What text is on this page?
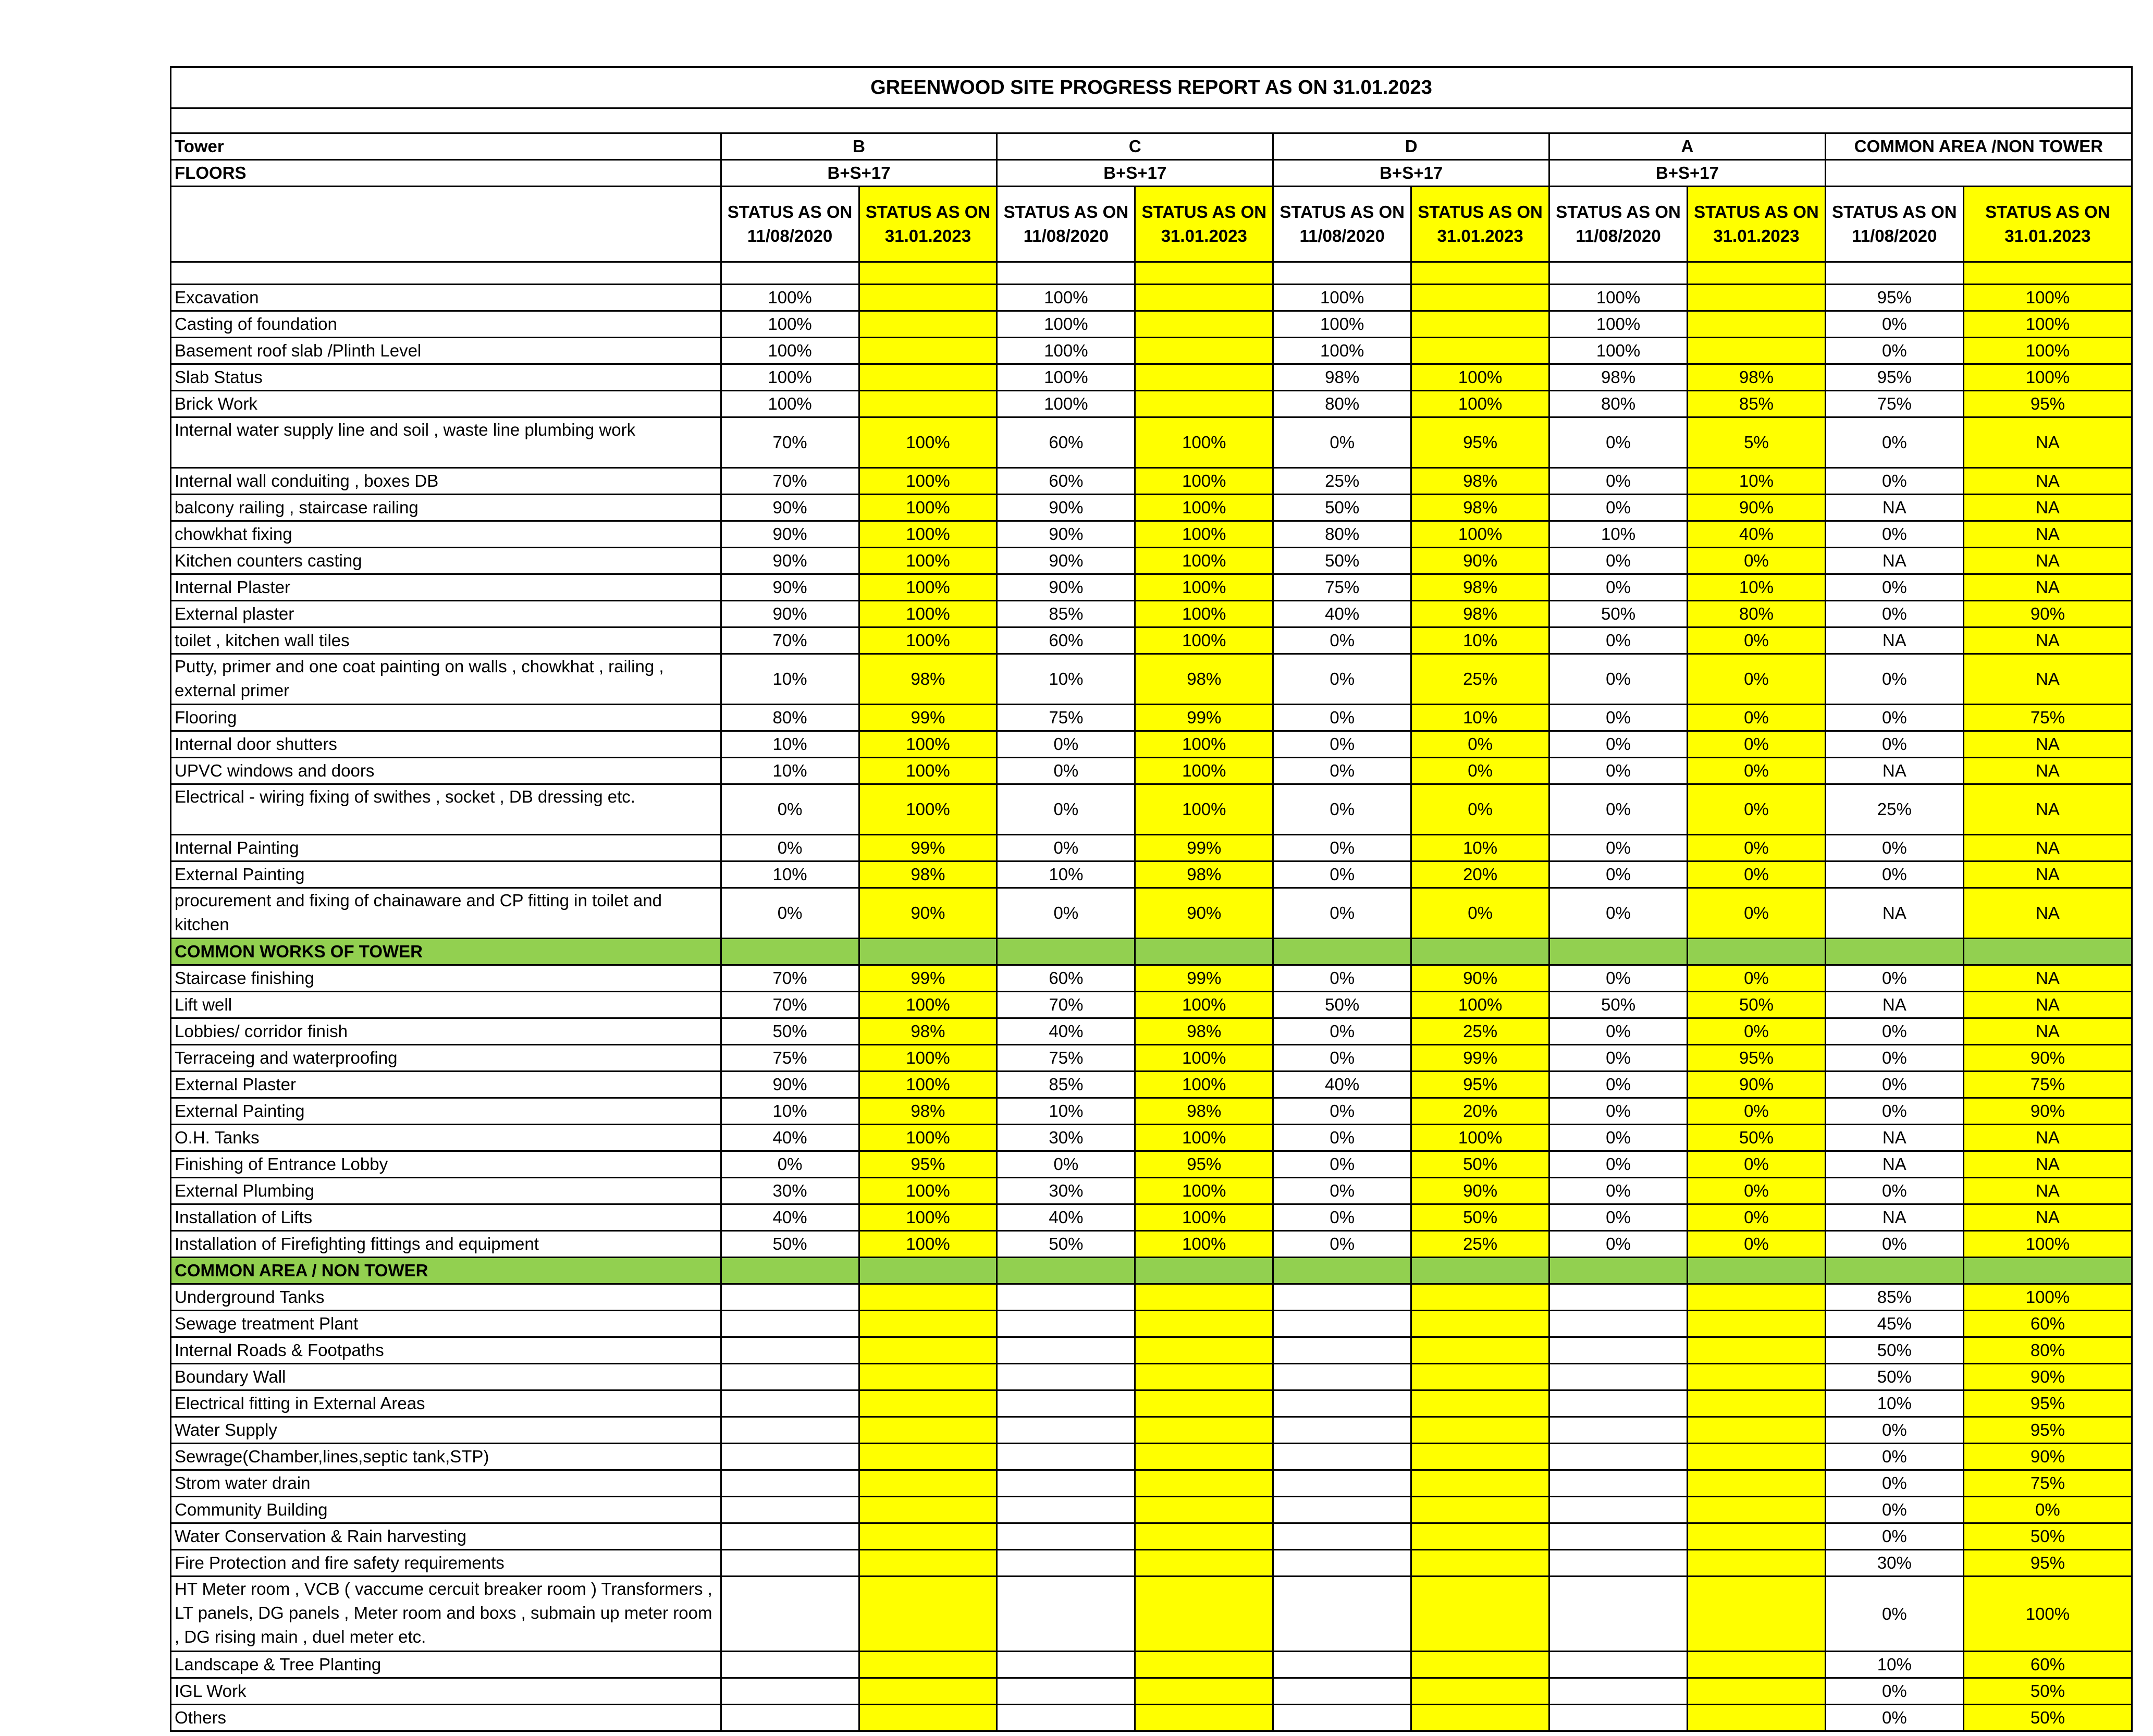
GREENWOOD SITE PROGRESS REPORT AS ON 31.01.2023										

Tower	B		C		D		A		COMMON AREA /NON TOWER	
FLOORS	B+S+17		B+S+17		B+S+17		B+S+17			
	STATUS AS ON 11/08/2020	STATUS AS ON 31.01.2023	STATUS AS ON 11/08/2020	STATUS AS ON 31.01.2023	STATUS AS ON 11/08/2020	STATUS AS ON 31.01.2023	STATUS AS ON 11/08/2020	STATUS AS ON 31.01.2023	STATUS AS ON 11/08/2020	STATUS AS ON 31.01.2023

Excavation	100%		100%		100%		100%		95%	100%
Casting of foundation	100%		100%		100%		100%		0%	100%
Basement roof slab /Plinth Level	100%		100%		100%		100%		0%	100%
Slab Status	100%		100%		98%	100%	98%	98%	95%	100%
Brick Work	100%		100%		80%	100%	80%	85%	75%	95%
Internal water supply line and soil , waste line plumbing work	70%	100%	60%	100%	0%	95%	0%	5%	0%	NA
Internal wall conduiting , boxes DB	70%	100%	60%	100%	25%	98%	0%	10%	0%	NA
balcony railing , staircase railing	90%	100%	90%	100%	50%	98%	0%	90%	NA	NA
chowkhat fixing	90%	100%	90%	100%	80%	100%	10%	40%	0%	NA
Kitchen counters casting	90%	100%	90%	100%	50%	90%	0%	0%	NA	NA
Internal Plaster	90%	100%	90%	100%	75%	98%	0%	10%	0%	NA
External plaster	90%	100%	85%	100%	40%	98%	50%	80%	0%	90%
toilet , kitchen wall tiles	70%	100%	60%	100%	0%	10%	0%	0%	NA	NA
Putty, primer and one coat painting on walls , chowkhat , railing , external primer	10%	98%	10%	98%	0%	25%	0%	0%	0%	NA
Flooring	80%	99%	75%	99%	0%	10%	0%	0%	0%	75%
Internal door shutters	10%	100%	0%	100%	0%	0%	0%	0%	0%	NA
UPVC windows and doors	10%	100%	0%	100%	0%	0%	0%	0%	NA	NA
Electrical - wiring fixing of swithes , socket , DB dressing etc.	0%	100%	0%	100%	0%	0%	0%	0%	25%	NA
Internal Painting	0%	99%	0%	99%	0%	10%	0%	0%	0%	NA
External Painting	10%	98%	10%	98%	0%	20%	0%	0%	0%	NA
procurement and fixing of chainaware and CP fitting in toilet and kitchen	0%	90%	0%	90%	0%	0%	0%	0%	NA	NA
COMMON WORKS OF TOWER										
Staircase finishing	70%	99%	60%	99%	0%	90%	0%	0%	0%	NA
Lift well	70%	100%	70%	100%	50%	100%	50%	50%	NA	NA
Lobbies/ corridor finish	50%	98%	40%	98%	0%	25%	0%	0%	0%	NA
Terraceing and waterproofing	75%	100%	75%	100%	0%	99%	0%	95%	0%	90%
External Plaster	90%	100%	85%	100%	40%	95%	0%	90%	0%	75%
External Painting	10%	98%	10%	98%	0%	20%	0%	0%	0%	90%
O.H. Tanks	40%	100%	30%	100%	0%	100%	0%	50%	NA	NA
Finishing of Entrance Lobby	0%	95%	0%	95%	0%	50%	0%	0%	NA	NA
External Plumbing	30%	100%	30%	100%	0%	90%	0%	0%	0%	NA
Installation of Lifts	40%	100%	40%	100%	0%	50%	0%	0%	NA	NA
Installation of Firefighting fittings and equipment	50%	100%	50%	100%	0%	25%	0%	0%	0%	100%
COMMON AREA / NON TOWER										
Underground Tanks									85%	100%
Sewage treatment Plant									45%	60%
Internal Roads & Footpaths									50%	80%
Boundary Wall									50%	90%
Electrical fitting in External Areas									10%	95%
Water Supply									0%	95%
Sewrage(Chamber,lines,septic tank,STP)									0%	90%
Strom water drain									0%	75%
Community Building									0%	0%
Water Conservation & Rain harvesting									0%	50%
Fire Protection and fire safety requirements									30%	95%
HT Meter room , VCB ( vaccume cercuit breaker room ) Transformers , LT panels, DG panels , Meter room and boxs , submain up meter room , DG rising main , duel meter etc.									0%	100%
Landscape & Tree Planting									10%	60%
IGL Work									0%	50%
Others									0%	50%
